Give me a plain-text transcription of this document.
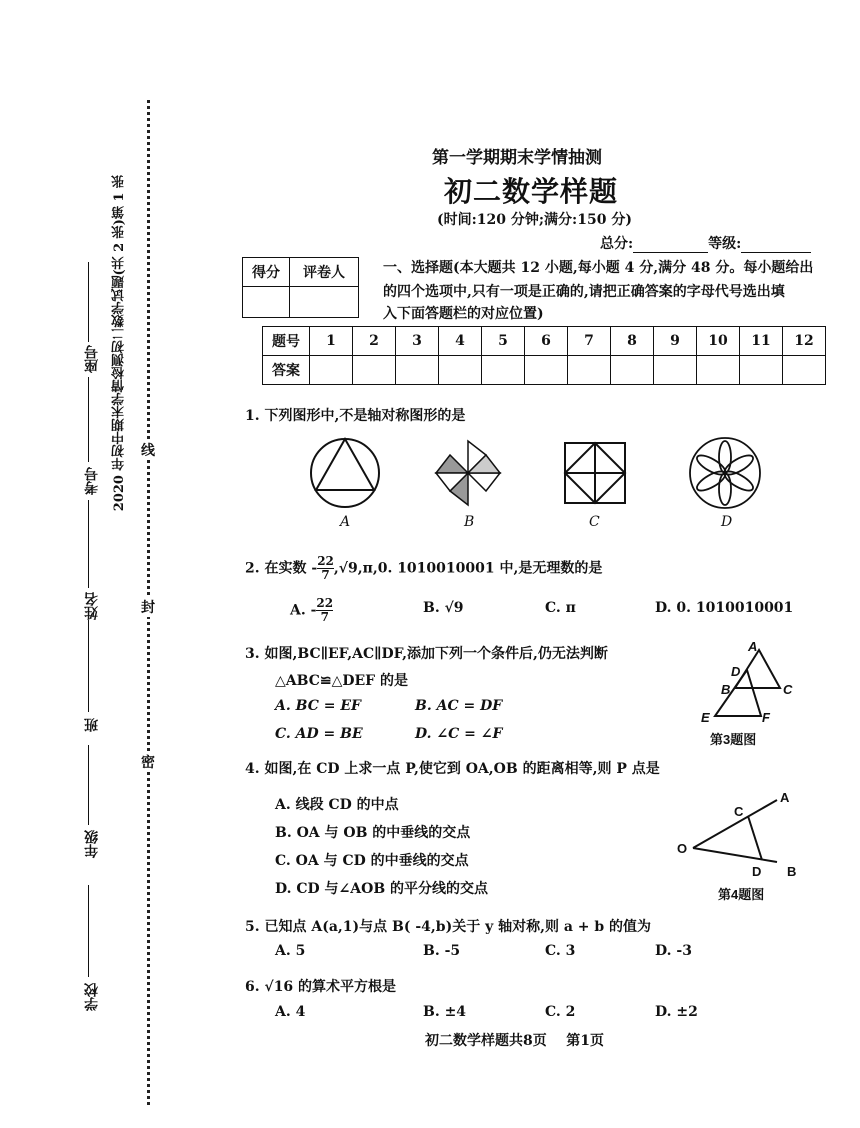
2020 年初中期末学情检测初二数学试题(共 2 张)第 1 张
座号
考号
姓名
班
年级
学校
线
封
密
第一学期期末学情抽测
初二数学样题
(时间:120 分钟;满分:150 分)
总分:	等级:
得分	评卷人
		一、选择题(本大题共 12 小题,每小题 4 分,满分 48 分。每小题给出
的四个选项中,只有一项是正确的,请把正确答案的字母代号选出填
入下面答题栏的对应位置)
题号	1	2	3	4	5	6	7	8	9	10	11	12
答案												
1. 下列图形中,不是轴对称图形的是
A	B	C	D
2. 在实数 - $\frac{22}{7} ,√9,\pi,0$. 1010010001 中,是无理数的是
A. - $\frac{22}{7}$	B. √9	C. π	D. 0. 1010010001
3. 如图,BC∥EF,AC∥DF,添加下列一个条件后,仍无法判断
△ABC≌△DEF 的是
A. BC = EF	B. AC = DF
C. AD = BE	D. ∠C = ∠F
A
D
B	C
E	F
第3题图
4. 如图,在 CD 上求一点 P,使它到 OA,OB 的距离相等,则 P 点是
A. 线段 CD 的中点
B. OA 与 OB 的中垂线的交点
C. OA 与 CD 的中垂线的交点
D. CD 与∠AOB 的平分线的交点
A
C
O
D B
第4题图
5. 已知点 A(a,1)与点 B( -4,b)关于 y 轴对称,则 a + b 的值为
A. 5	B. -5	C. 3	D. -3
6. √16 的算术平方根是
A. 4	B. ±4	C. 2	D. ±2
初二数学样题共8页    第1页
